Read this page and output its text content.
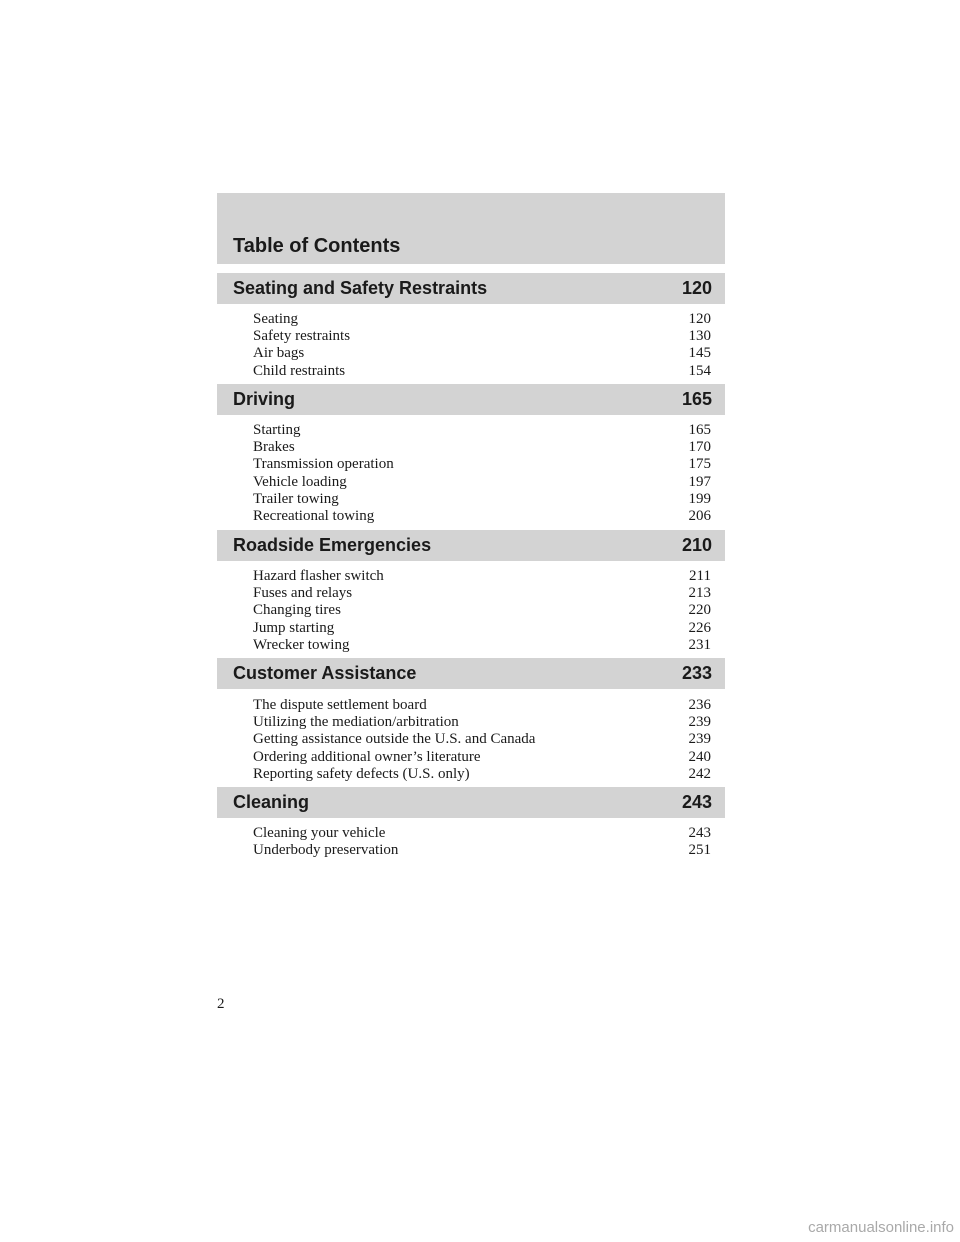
Table of Contents
Seating and Safety Restraints	120
Seating	120
Safety restraints	130
Air bags	145
Child restraints	154
Driving	165
Starting	165
Brakes	170
Transmission operation	175
Vehicle loading	197
Trailer towing	199
Recreational towing	206
Roadside Emergencies	210
Hazard flasher switch	211
Fuses and relays	213
Changing tires	220
Jump starting	226
Wrecker towing	231
Customer Assistance	233
The dispute settlement board	236
Utilizing the mediation/arbitration	239
Getting assistance outside the U.S. and Canada	239
Ordering additional owner’s literature	240
Reporting safety defects (U.S. only)	242
Cleaning	243
Cleaning your vehicle	243
Underbody preservation	251
2
carmanualsonline.info
